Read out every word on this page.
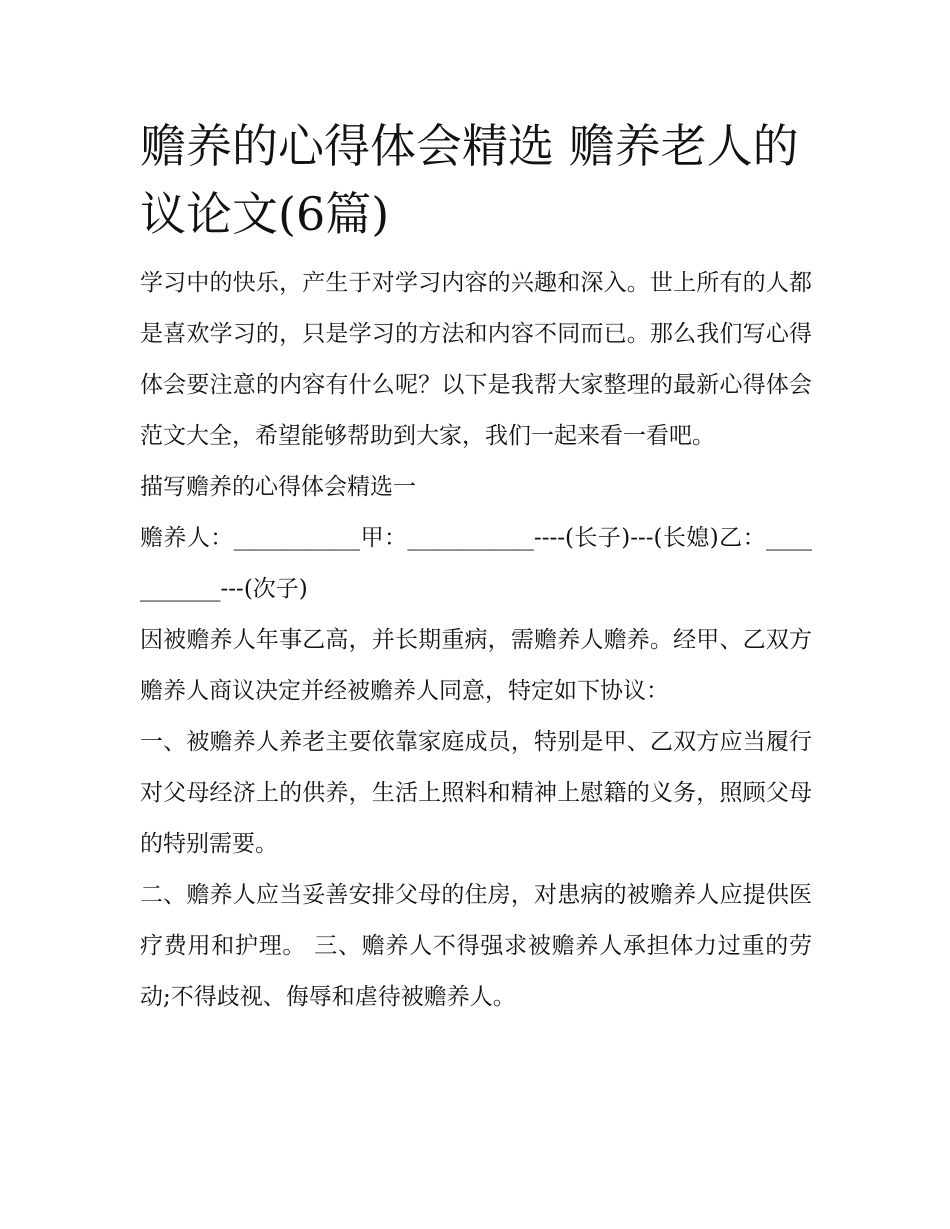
赡养的心得体会精选 赡养老人的议论文(6篇)

学习中的快乐，产生于对学习内容的兴趣和深入。世上所有的人都是喜欢学习的，只是学习的方法和内容不同而已。那么我们写心得体会要注意的内容有什么呢？以下是我帮大家整理的最新心得体会范文大全，希望能够帮助到大家，我们一起来看一看吧。

描写赡养的心得体会精选一

赡养人：___________甲：___________----(长子)---(长媳)乙：___________---(次子)

因被赡养人年事乙高，并长期重病，需赡养人赡养。经甲、乙双方赡养人商议决定并经被赡养人同意，特定如下协议：

一、被赡养人养老主要依靠家庭成员，特别是甲、乙双方应当履行对父母经济上的供养，生活上照料和精神上慰籍的义务，照顾父母的特别需要。

二、赡养人应当妥善安排父母的住房，对患病的被赡养人应提供医疗费用和护理。 三、赡养人不得强求被赡养人承担体力过重的劳动;不得歧视、侮辱和虐待被赡养人。
